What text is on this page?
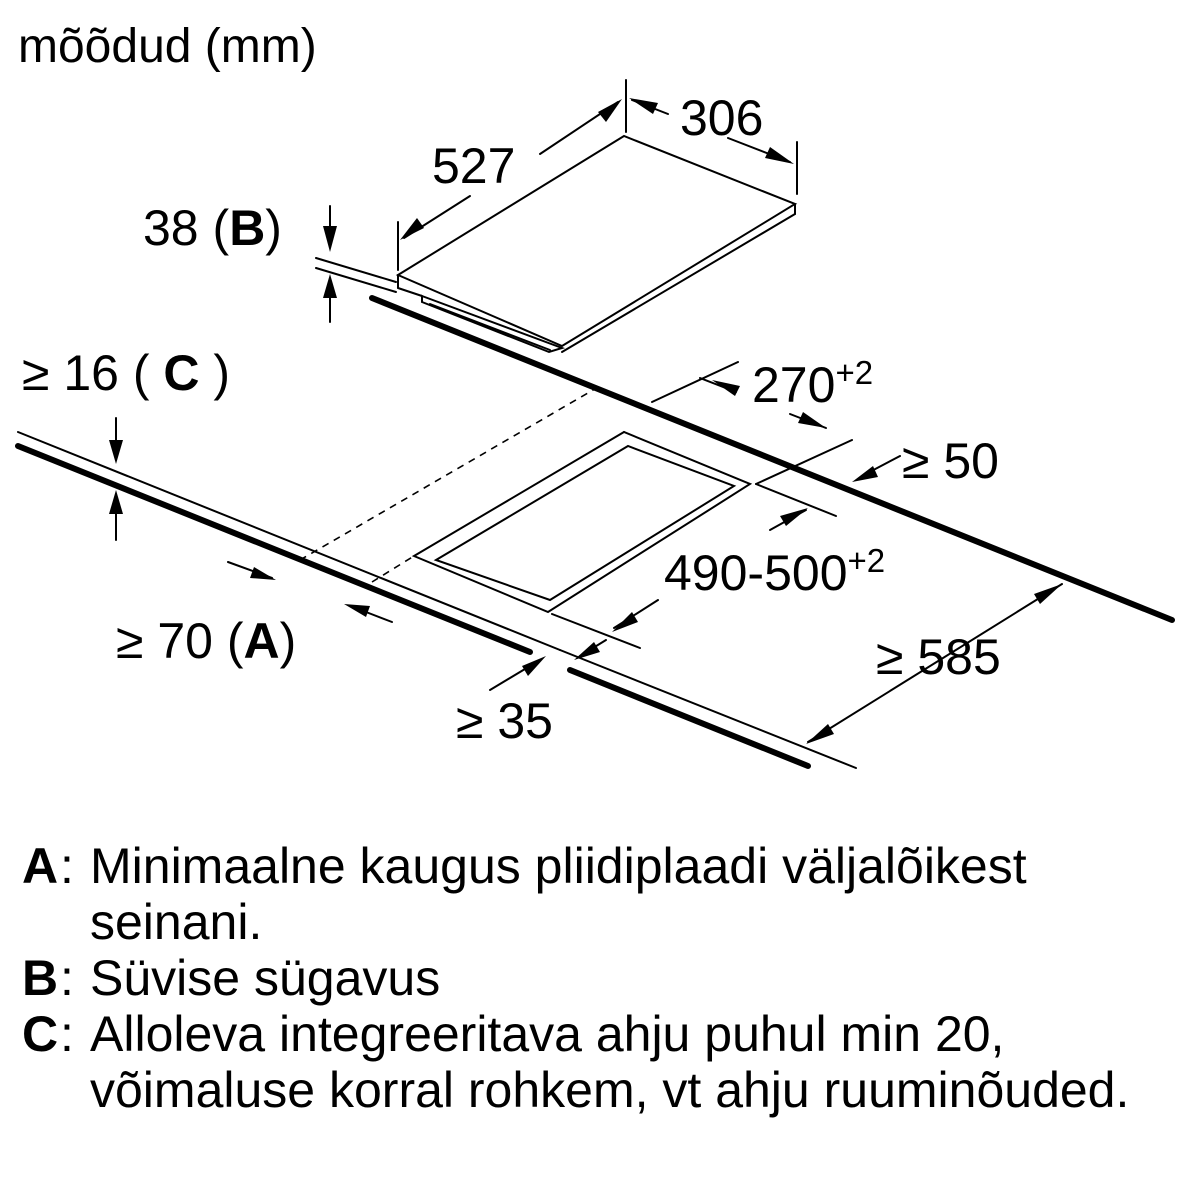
mõõdud (mm)
306
527
38 (B)
≥ 16 ( C )	$270^{+2}$
≥ 50
$490-500^{+2}$
≥ 70 (A)
≥ 35
≥ 585
A : Minimaalne kaugus pliidiplaadi väljalõikest seinani.
B : Süvise sügavus
C : Alloleva integreeritava ahju puhul min 20, võimaluse korral rohkem, vt ahju ruuminõuded.
